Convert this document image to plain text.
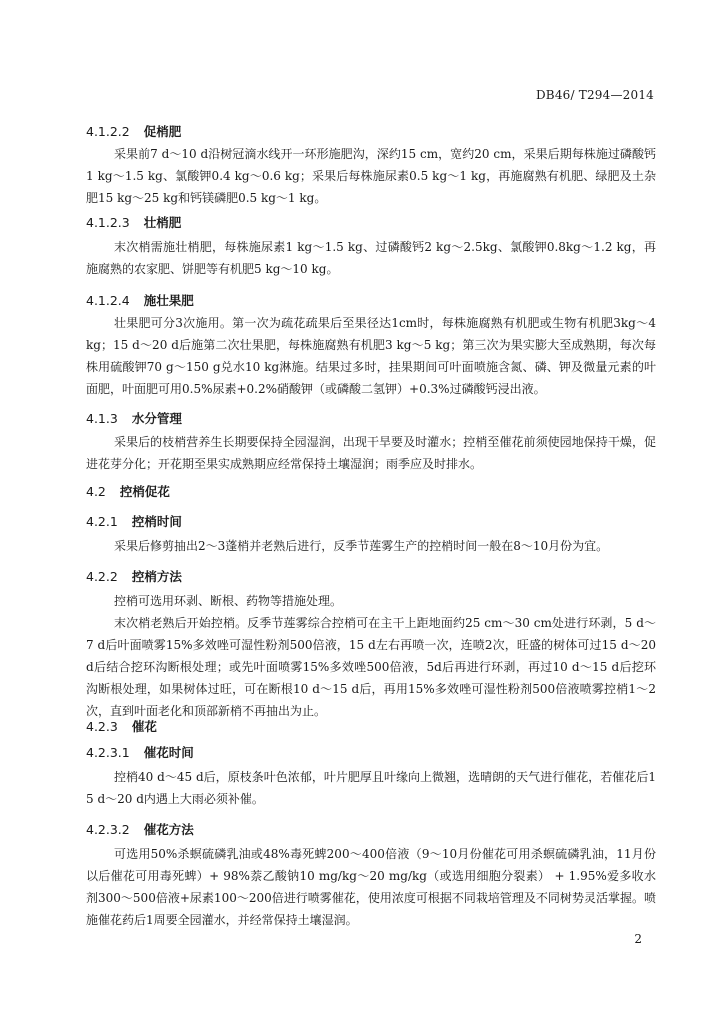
DB46/ T294—2014
4.1.2.2 促梢肥
采果前7 d～10 d沿树冠滴水线开一环形施肥沟，深约15 cm，宽约20 cm，采果后期每株施过磷酸钙1 kg～1.5 kg、氯酸钾0.4 kg～0.6 kg；采果后每株施尿素0.5 kg～1 kg，再施腐熟有机肥、绿肥及土杂肥15 kg～25 kg和钙镁磷肥0.5 kg～1 kg。
4.1.2.3 壮梢肥
末次梢需施壮梢肥，每株施尿素1 kg～1.5 kg、过磷酸钙2 kg～2.5kg、氯酸钾0.8kg～1.2 kg，再施腐熟的农家肥、饼肥等有机肥5 kg～10 kg。
4.1.2.4 施壮果肥
壮果肥可分3次施用。第一次为疏花疏果后至果径达1cm时，每株施腐熟有机肥或生物有机肥3kg～4 kg；15 d～20 d后施第二次壮果肥，每株施腐熟有机肥3 kg～5 kg；第三次为果实膨大至成熟期，每次每株用硫酸钾70 g～150 g兑水10 kg淋施。结果过多时，挂果期间可叶面喷施含氮、磷、钾及微量元素的叶面肥，叶面肥可用0.5%尿素+0.2%硝酸钾（或磷酸二氢钾）+0.3%过磷酸钙浸出液。
4.1.3 水分管理
采果后的枝梢营养生长期要保持全园湿润，出现干旱要及时灌水；控梢至催花前须使园地保持干燥，促进花芽分化；开花期至果实成熟期应经常保持土壤湿润；雨季应及时排水。
4.2 控梢促花
4.2.1 控梢时间
采果后修剪抽出2～3蓬梢并老熟后进行，反季节莲雾生产的控梢时间一般在8～10月份为宜。
4.2.2 控梢方法
控梢可选用环剥、断根、药物等措施处理。
末次梢老熟后开始控梢。反季节莲雾综合控梢可在主干上距地面约25 cm～30 cm处进行环剥，5 d～7 d后叶面喷雾15%多效唑可湿性粉剂500倍液，15 d左右再喷一次，连喷2次，旺盛的树体可过15 d～20 d后结合挖环沟断根处理；或先叶面喷雾15%多效唑500倍液，5d后再进行环剥，再过10 d～15 d后挖环沟断根处理，如果树体过旺，可在断根10 d～15 d后，再用15%多效唑可湿性粉剂500倍液喷雾控梢1～2次，直到叶面老化和顶部新梢不再抽出为止。
4.2.3 催花
4.2.3.1 催花时间
控梢40 d～45 d后，原枝条叶色浓郁，叶片肥厚且叶缘向上微翘，选晴朗的天气进行催花，若催花后15 d～20 d内遇上大雨必须补催。
4.2.3.2 催花方法
可选用50%杀螟硫磷乳油或48%毒死蜱200～400倍液（9～10月份催花可用杀螟硫磷乳油，11月份以后催花可用毒死蜱）+ 98%萘乙酸钠10 mg/kg～20 mg/kg（或选用细胞分裂素） + 1.95%爱多收水剂300～500倍液+尿素100～200倍进行喷雾催花，使用浓度可根据不同栽培管理及不同树势灵活掌握。喷施催花药后1周要全园灌水，并经常保持土壤湿润。
2
